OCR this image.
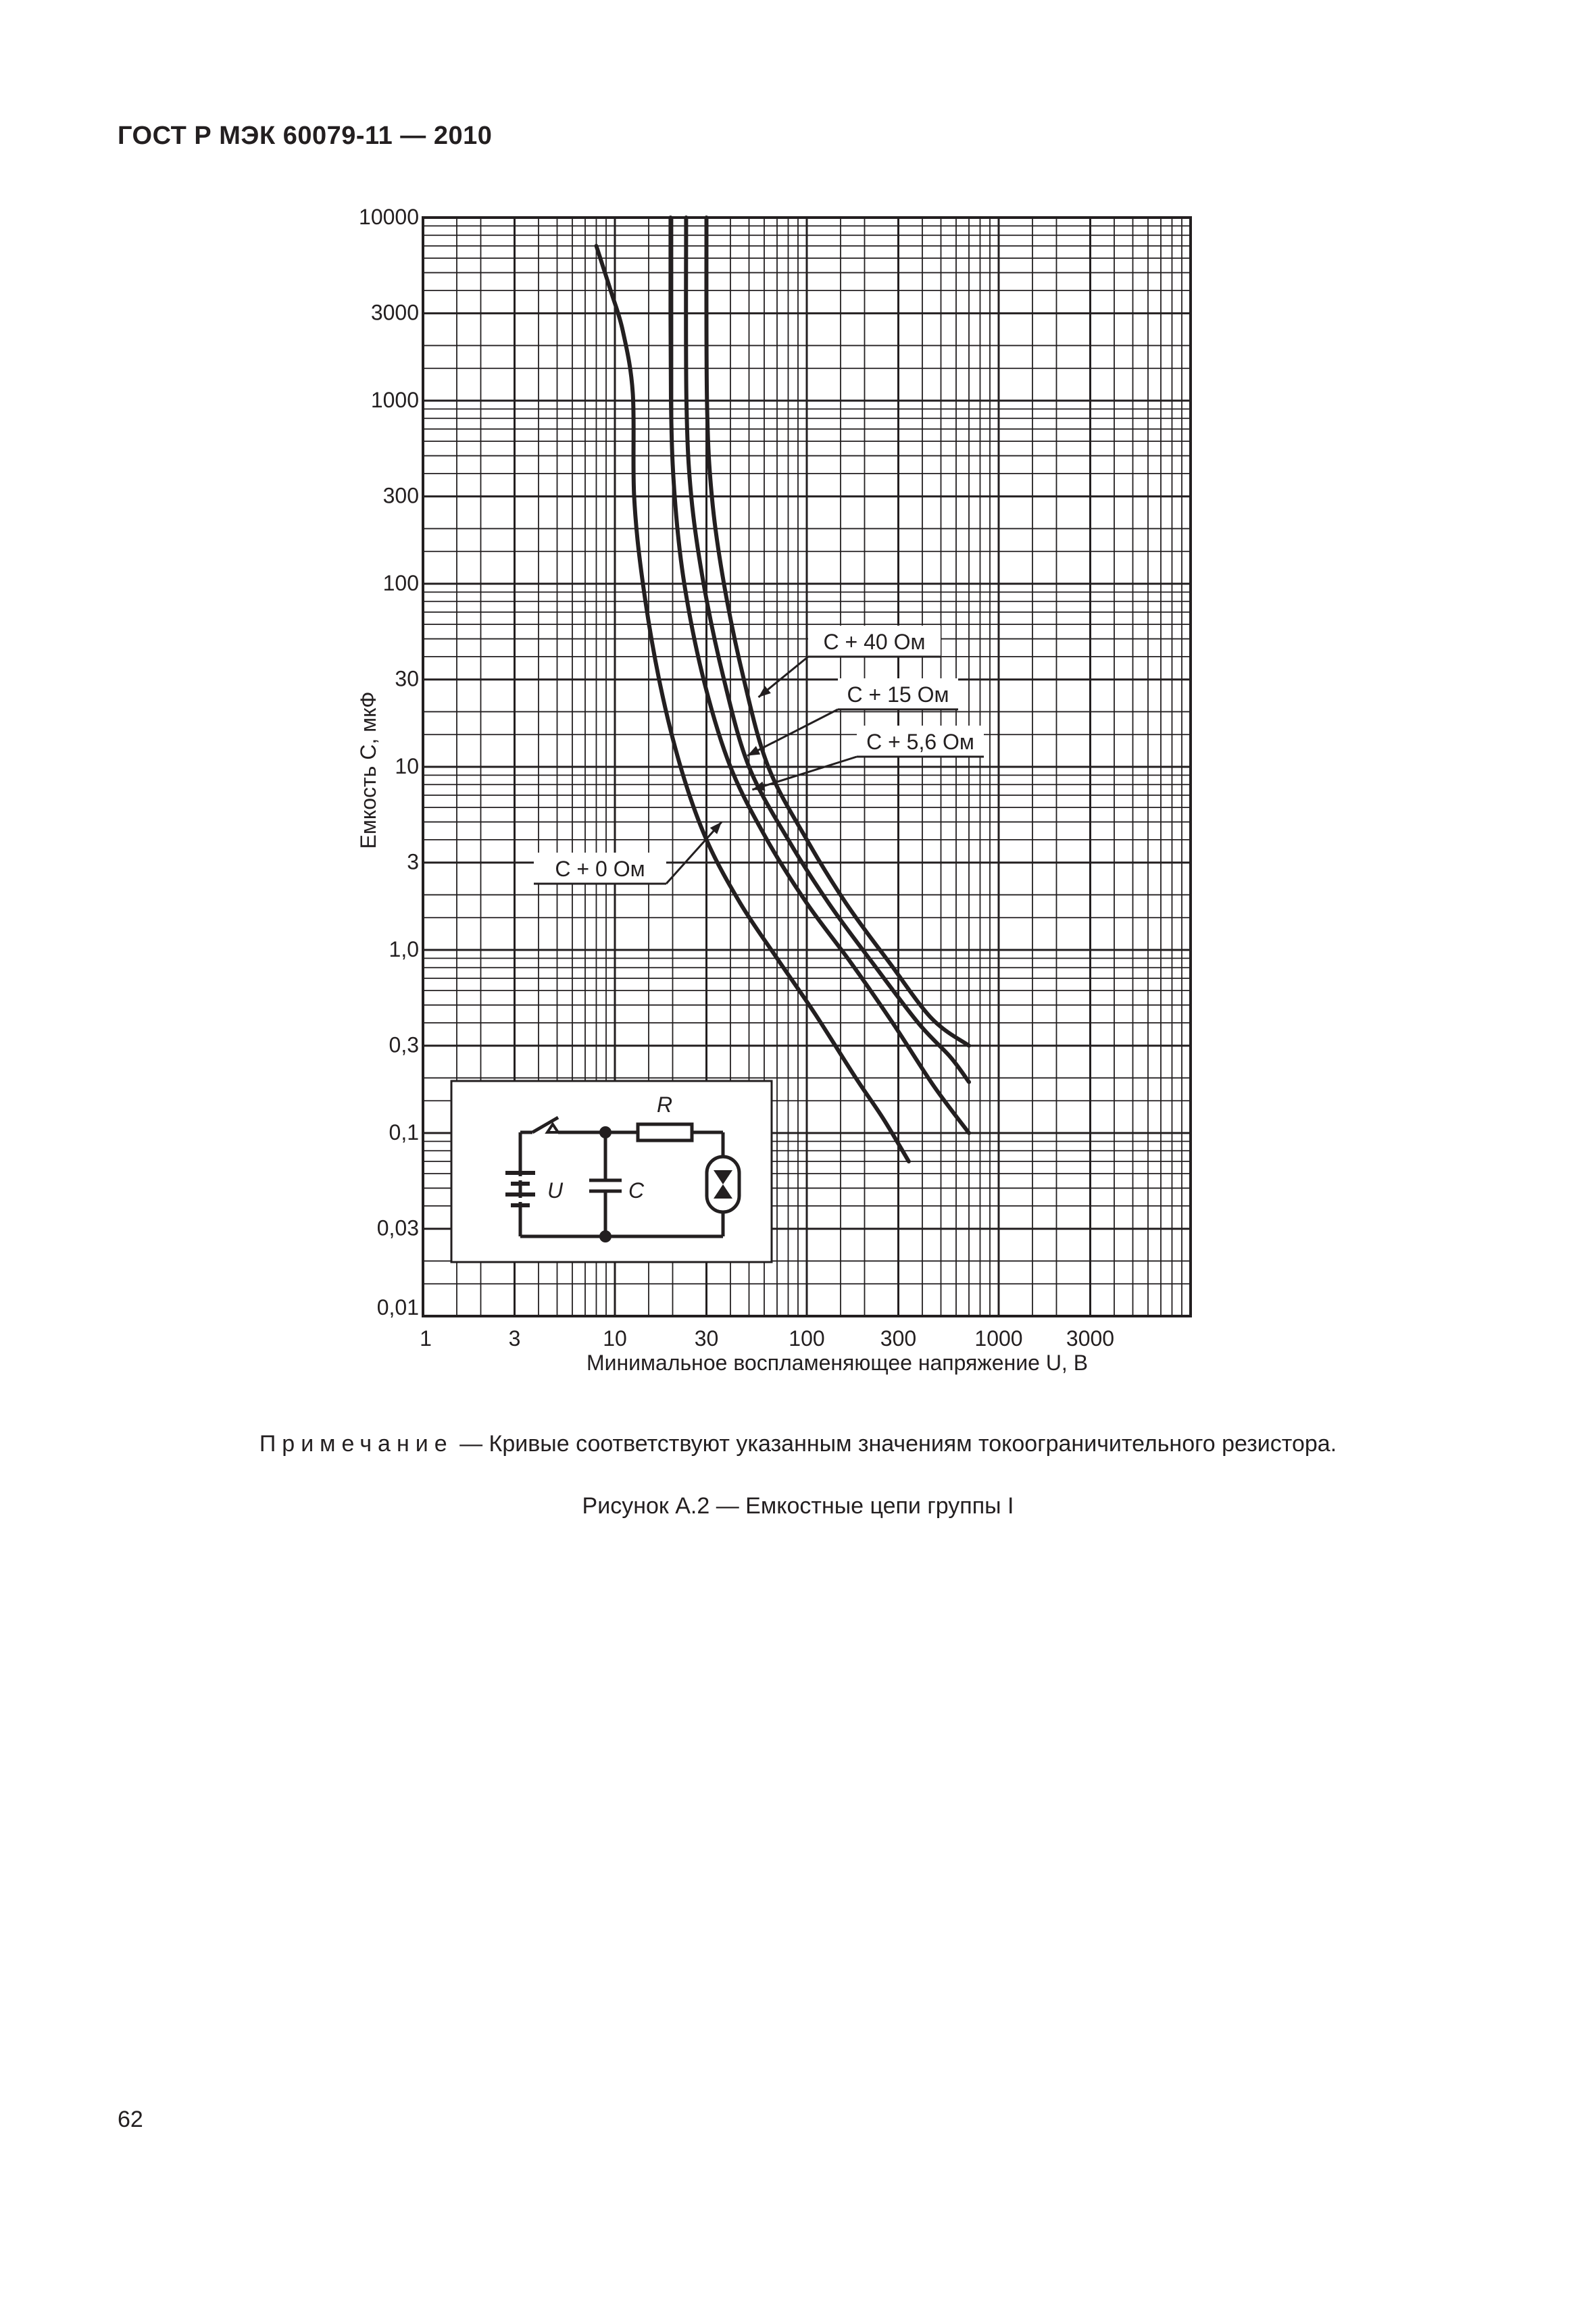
ГОСТ Р МЭК 60079-11 — 2010
1	3	10	30	100	300	1000 3000
0,01
0,03
0,1
0,3
1,0
3
10
30
100
300
1000
3000
10000
C + 40 Ом
C + 15 Ом
C + 5,6 Ом
C + 0 Ом
U	C
R
Минимальное воспламеняющее напряжение U, В
Емкость C, мкФ
Примечание — Кривые соответствуют указанным значениям токоограничительного резистора.
Рисунок А.2 — Емкостные цепи группы I
62
